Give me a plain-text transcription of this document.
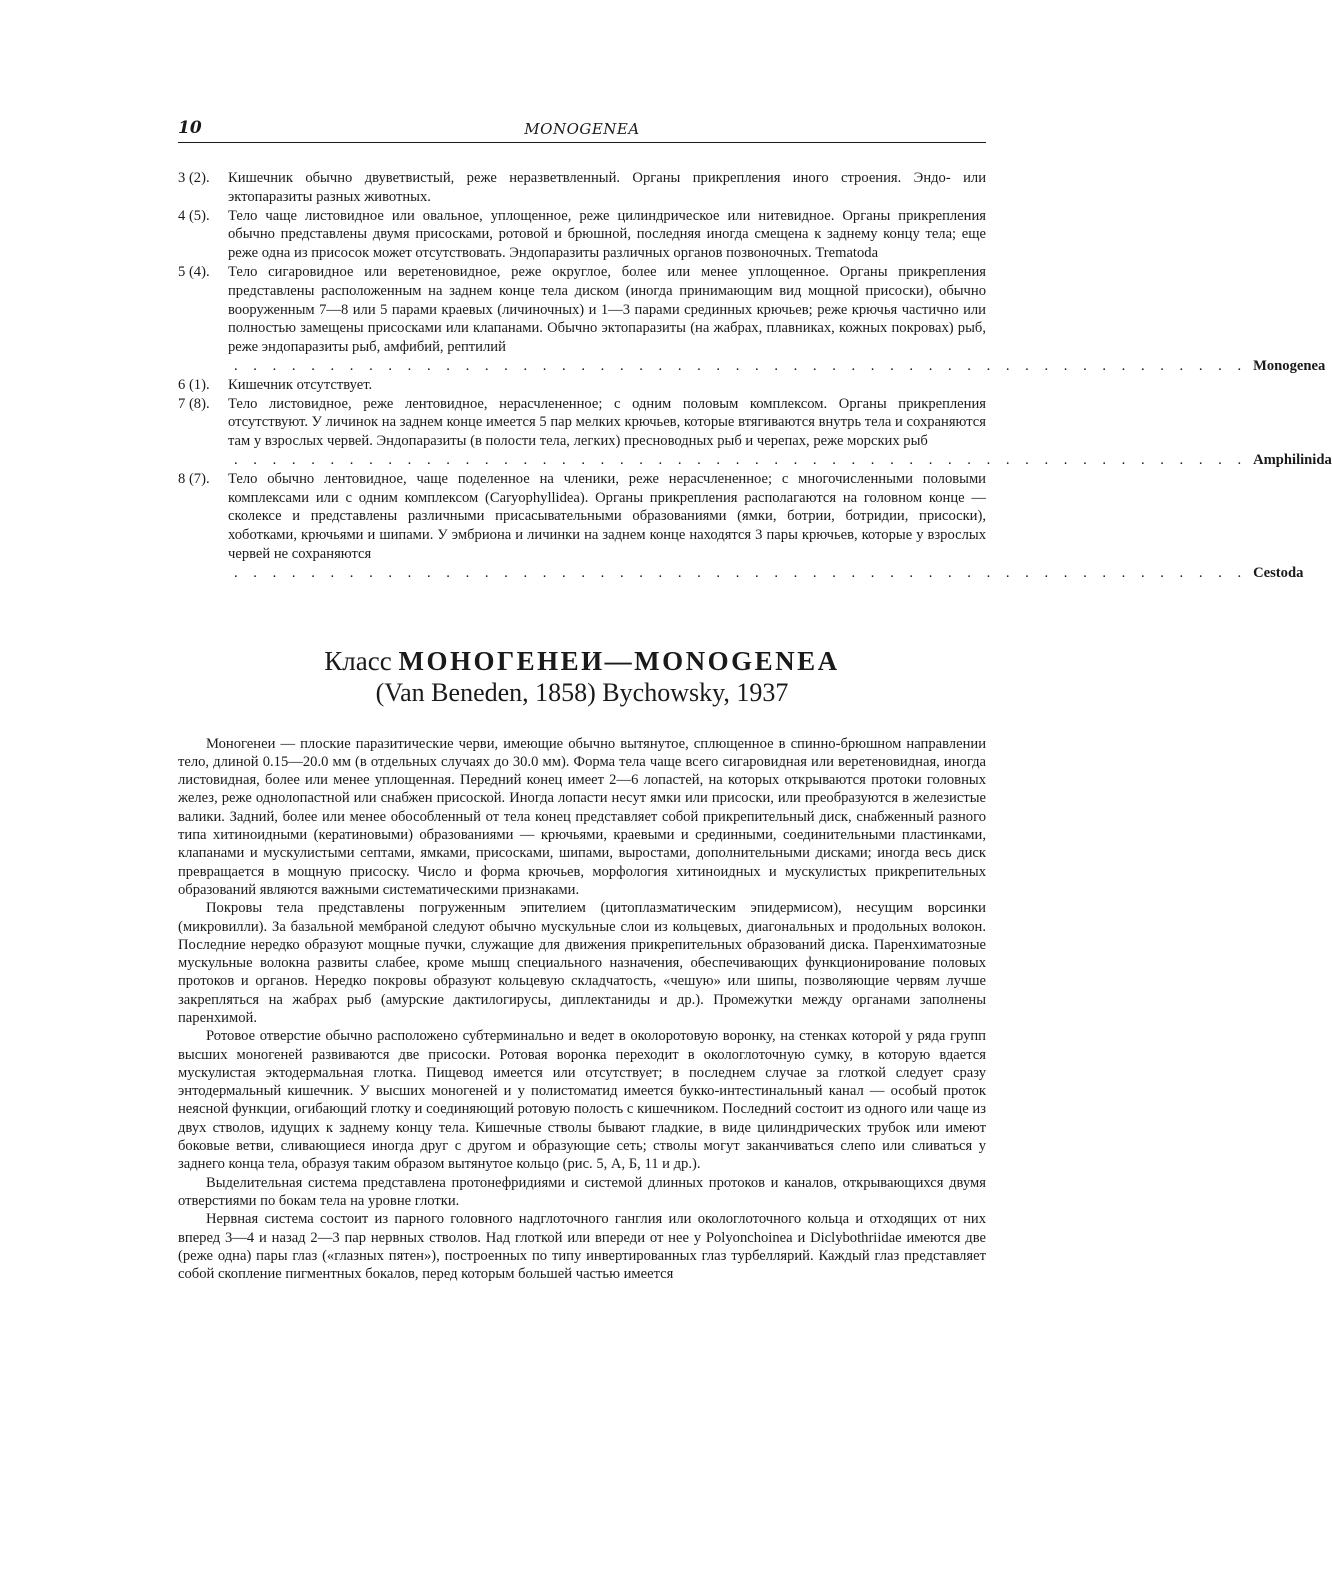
10	MONOGENEA
3 (2). Кишечник обычно двуветвистый, реже неразветвленный. Органы прикрепления иного строения. Эндо- или эктопаразиты разных животных.
4 (5). Тело чаще листовидное или овальное, уплощенное, реже цилиндрическое или нитевидное. Органы прикрепления обычно представлены двумя присосками, ротовой и брюшной, последняя иногда смещена к заднему концу тела; еще реже одна из присосок может отсутствовать. Эндопаразиты различных органов позвоночных. Trematoda
5 (4). Тело сигаровидное или веретеновидное, реже округлое, более или менее уплощенное. Органы прикрепления представлены расположенным на заднем конце тела диском (иногда принимающим вид мощной присоски), обычно вооруженным 7—8 или 5 парами краевых (личиночных) и 1—3 парами срединных крючьев; реже крючья частично или полностью замещены присосками или клапанами. Обычно эктопаразиты (на жабрах, плавниках, кожных покровах) рыб, реже эндопаразиты рыб, амфибий, рептилий
. . . . . . . . . . . . . . . . . . . . . . . . . . . . . . . . . . . . . . . . . . . . . . . . . . . . . Monogenea
6 (1). Кишечник отсутствует.
7 (8). Тело листовидное, реже лентовидное, нерасчлененное; с одним половым комплексом. Органы прикрепления отсутствуют. У личинок на заднем конце имеется 5 пар мелких крючьев, которые втягиваются внутрь тела и сохраняются там у взрослых червей. Эндопаразиты (в полости тела, легких) пресноводных рыб и черепах, реже морских рыб
. . . . . . . . . . . . . . . . . . . . . . . . . . . . . . . . . . . . . . . . . . . . . . . . . . . . . Amphilinida
8 (7). Тело обычно лентовидное, чаще поделенное на членики, реже нерасчлененное; с многочисленными половыми комплексами или с одним комплексом (Caryophyllidea). Органы прикрепления располагаются на головном конце — сколексе и представлены различными присасывательными образованиями (ямки, ботрии, ботридии, присоски), хоботками, крючьями и шипами. У эмбриона и личинки на заднем конце находятся 3 пары крючьев, которые у взрослых червей не сохраняются
. . . . . . . . . . . . . . . . . . . . . . . . . . . . . . . . . . . . . . . . . . . . . . . . . . . . . Cestoda
Класс МОНОГЕНЕИ—MONOGENEA
(Van Beneden, 1858) Bychowsky, 1937

Моногенеи — плоские паразитические черви, имеющие обычно вытянутое, сплющенное в спинно-брюшном направлении тело, длиной 0.15—20.0 мм (в отдельных случаях до 30.0 мм). Форма тела чаще всего сигаровидная или веретеновидная, иногда листовидная, более или менее уплощенная. Передний конец имеет 2—6 лопастей, на которых открываются протоки головных желез, реже однолопастной или снабжен присоской. Иногда лопасти несут ямки или присоски, или преобразуются в железистые валики. Задний, более или менее обособленный от тела конец представляет собой прикрепительный диск, снабженный разного типа хитиноидными (кератиновыми) образованиями — крючьями, краевыми и срединными, соединительными пластинками, клапанами и мускулистыми септами, ямками, присосками, шипами, выростами, дополнительными дисками; иногда весь диск превращается в мощную присоску. Число и форма крючьев, морфология хитиноидных и мускулистых прикрепительных образований являются важными систематическими признаками.

Покровы тела представлены погруженным эпителием (цитоплазматическим эпидермисом), несущим ворсинки (микровилли). За базальной мембраной следуют обычно мускульные слои из кольцевых, диагональных и продольных волокон. Последние нередко образуют мощные пучки, служащие для движения прикрепительных образований диска. Паренхиматозные мускульные волокна развиты слабее, кроме мышц специального назначения, обеспечивающих функционирование половых протоков и органов. Нередко покровы образуют кольцевую складчатость, «чешую» или шипы, позволяющие червям лучше закрепляться на жабрах рыб (амурские дактилогирусы, диплектаниды и др.). Промежутки между органами заполнены паренхимой.

Ротовое отверстие обычно расположено субтерминально и ведет в околоротовую воронку, на стенках которой у ряда групп высших моногеней развиваются две присоски. Ротовая воронка переходит в окологлоточную сумку, в которую вдается мускулистая эктодермальная глотка. Пищевод имеется или отсутствует; в последнем случае за глоткой следует сразу энтодермальный кишечник. У высших моногеней и у полистоматид имеется букко-интестинальный канал — особый проток неясной функции, огибающий глотку и соединяющий ротовую полость с кишечником. Последний состоит из одного или чаще из двух стволов, идущих к заднему концу тела. Кишечные стволы бывают гладкие, в виде цилиндрических трубок или имеют боковые ветви, сливающиеся иногда друг с другом и образующие сеть; стволы могут заканчиваться слепо или сливаться у заднего конца тела, образуя таким образом вытянутое кольцо (рис. 5, А, Б, 11 и др.).

Выделительная система представлена протонефридиями и системой длинных протоков и каналов, открывающихся двумя отверстиями по бокам тела на уровне глотки.

Нервная система состоит из парного головного надглоточного ганглия или окологлоточного кольца и отходящих от них вперед 3—4 и назад 2—3 пар нервных стволов. Над глоткой или впереди от нее у Polyonchoinea и Diclybothriidae имеются две (реже одна) пары глаз («глазных пятен»), построенных по типу инвертированных глаз турбеллярий. Каждый глаз представляет собой скопление пигментных бокалов, перед которым большей частью имеется
